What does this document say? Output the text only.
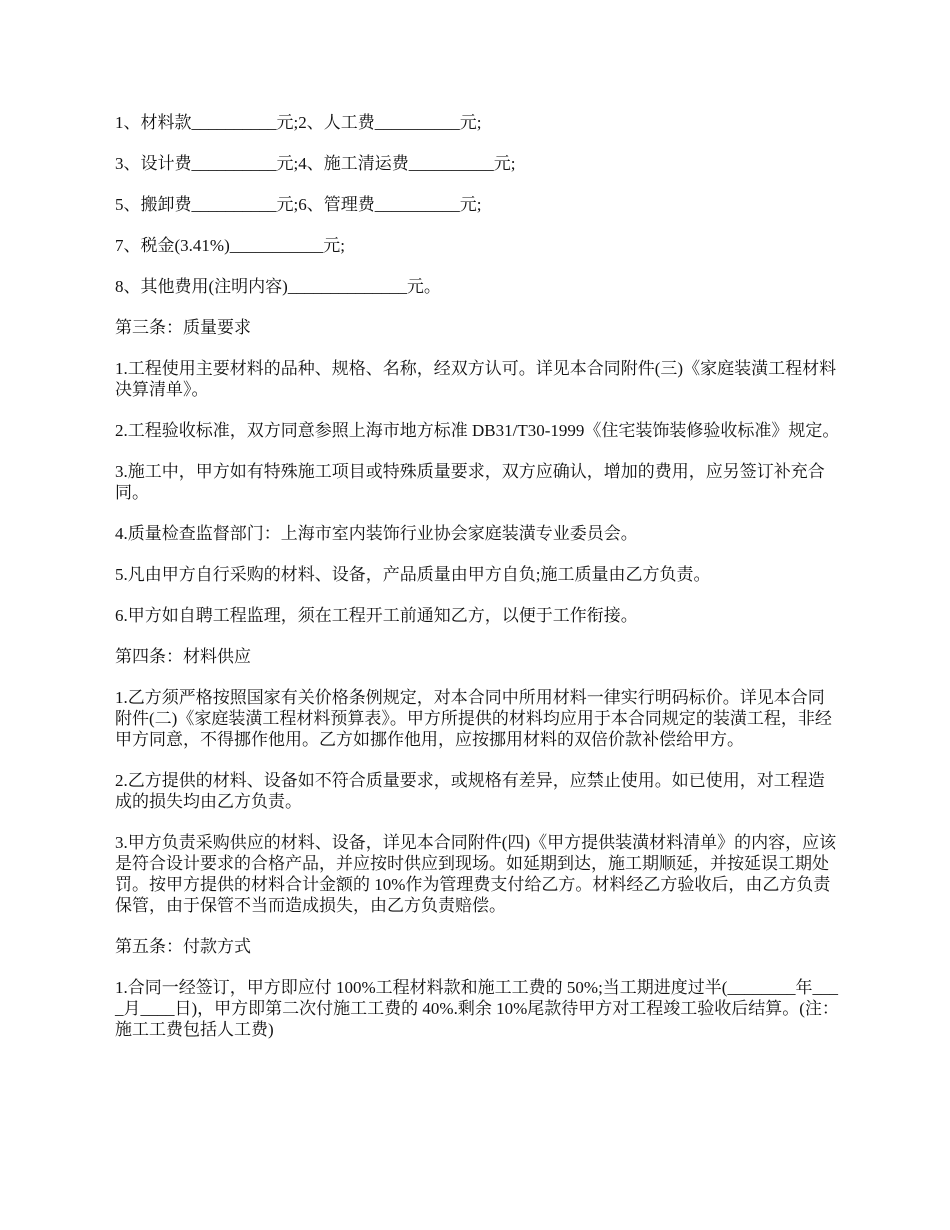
1、材料款__________元;2、人工费__________元;

3、设计费__________元;4、施工清运费__________元;

5、搬卸费__________元;6、管理费__________元;

7、税金(3.41%)___________元;

8、其他费用(注明内容)______________元。

第三条：质量要求

1.工程使用主要材料的品种、规格、名称，经双方认可。详见本合同附件(三)《家庭装潢工程材料决算清单》。

2.工程验收标准，双方同意参照上海市地方标准 DB31/T30-1999《住宅装饰装修验收标准》规定。

3.施工中，甲方如有特殊施工项目或特殊质量要求，双方应确认，增加的费用，应另签订补充合同。

4.质量检查监督部门：上海市室内装饰行业协会家庭装潢专业委员会。

5.凡由甲方自行采购的材料、设备，产品质量由甲方自负;施工质量由乙方负责。

6.甲方如自聘工程监理，须在工程开工前通知乙方，以便于工作衔接。

第四条：材料供应

1.乙方须严格按照国家有关价格条例规定，对本合同中所用材料一律实行明码标价。详见本合同附件(二)《家庭装潢工程材料预算表》。甲方所提供的材料均应用于本合同规定的装潢工程，非经甲方同意，不得挪作他用。乙方如挪作他用，应按挪用材料的双倍价款补偿给甲方。

2.乙方提供的材料、设备如不符合质量要求，或规格有差异，应禁止使用。如已使用，对工程造成的损失均由乙方负责。

3.甲方负责采购供应的材料、设备，详见本合同附件(四)《甲方提供装潢材料清单》的内容，应该是符合设计要求的合格产品，并应按时供应到现场。如延期到达，施工期顺延，并按延误工期处罚。按甲方提供的材料合计金额的 10%作为管理费支付给乙方。材料经乙方验收后，由乙方负责保管，由于保管不当而造成损失，由乙方负责赔偿。

第五条：付款方式

1.合同一经签订，甲方即应付 100%工程材料款和施工工费的 50%;当工期进度过半(________年____月____日)，甲方即第二次付施工工费的 40%.剩余 10%尾款待甲方对工程竣工验收后结算。(注：施工工费包括人工费)
